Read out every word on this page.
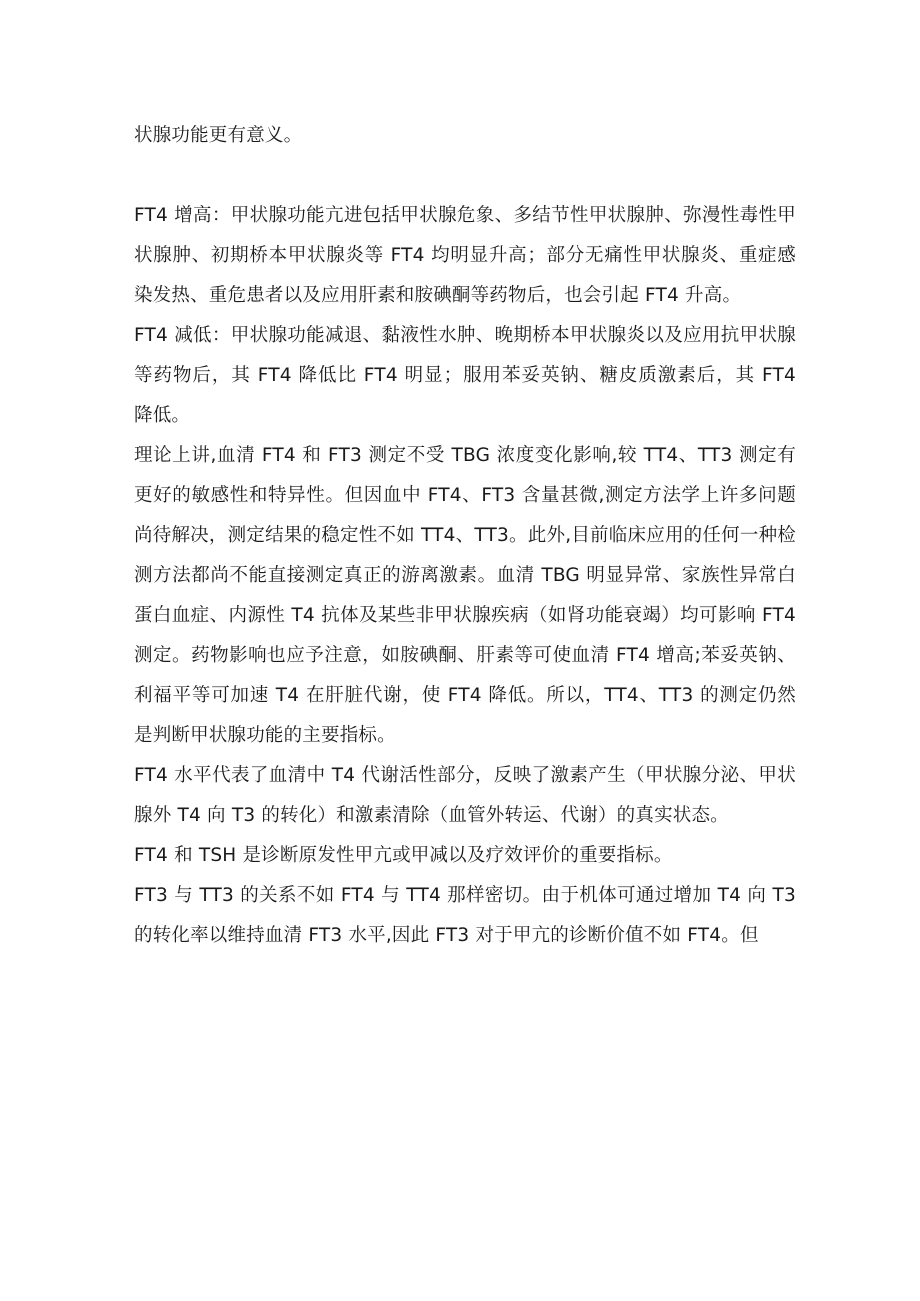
状腺功能更有意义。

FT4 增高：甲状腺功能亢进包括甲状腺危象、多结节性甲状腺肿、弥漫性毒性甲状腺肿、初期桥本甲状腺炎等 FT4 均明显升高；部分无痛性甲状腺炎、重症感染发热、重危患者以及应用肝素和胺碘酮等药物后，也会引起 FT4 升高。

FT4 减低：甲状腺功能减退、黏液性水肿、晚期桥本甲状腺炎以及应用抗甲状腺等药物后，其 FT4 降低比 FT4 明显；服用苯妥英钠、糖皮质激素后，其 FT4 降低。

理论上讲,血清 FT4 和 FT3 测定不受 TBG 浓度变化影响,较 TT4、TT3 测定有更好的敏感性和特异性。但因血中 FT4、FT3 含量甚微,测定方法学上许多问题尚待解决，测定结果的稳定性不如 TT4、TT3。此外,目前临床应用的任何一种检测方法都尚不能直接测定真正的游离激素。血清 TBG 明显异常、家族性异常白蛋白血症、内源性 T4 抗体及某些非甲状腺疾病（如肾功能衰竭）均可影响 FT4 测定。药物影响也应予注意，如胺碘酮、肝素等可使血清 FT4 增高;苯妥英钠、利福平等可加速 T4 在肝脏代谢，使 FT4 降低。所以，TT4、TT3 的测定仍然是判断甲状腺功能的主要指标。

FT4 水平代表了血清中 T4 代谢活性部分，反映了激素产生（甲状腺分泌、甲状腺外 T4 向 T3 的转化）和激素清除（血管外转运、代谢）的真实状态。

FT4 和 TSH 是诊断原发性甲亢或甲减以及疗效评价的重要指标。

FT3 与 TT3 的关系不如 FT4 与 TT4 那样密切。由于机体可通过增加 T4 向 T3 的转化率以维持血清 FT3 水平,因此 FT3 对于甲亢的诊断价值不如 FT4。但
